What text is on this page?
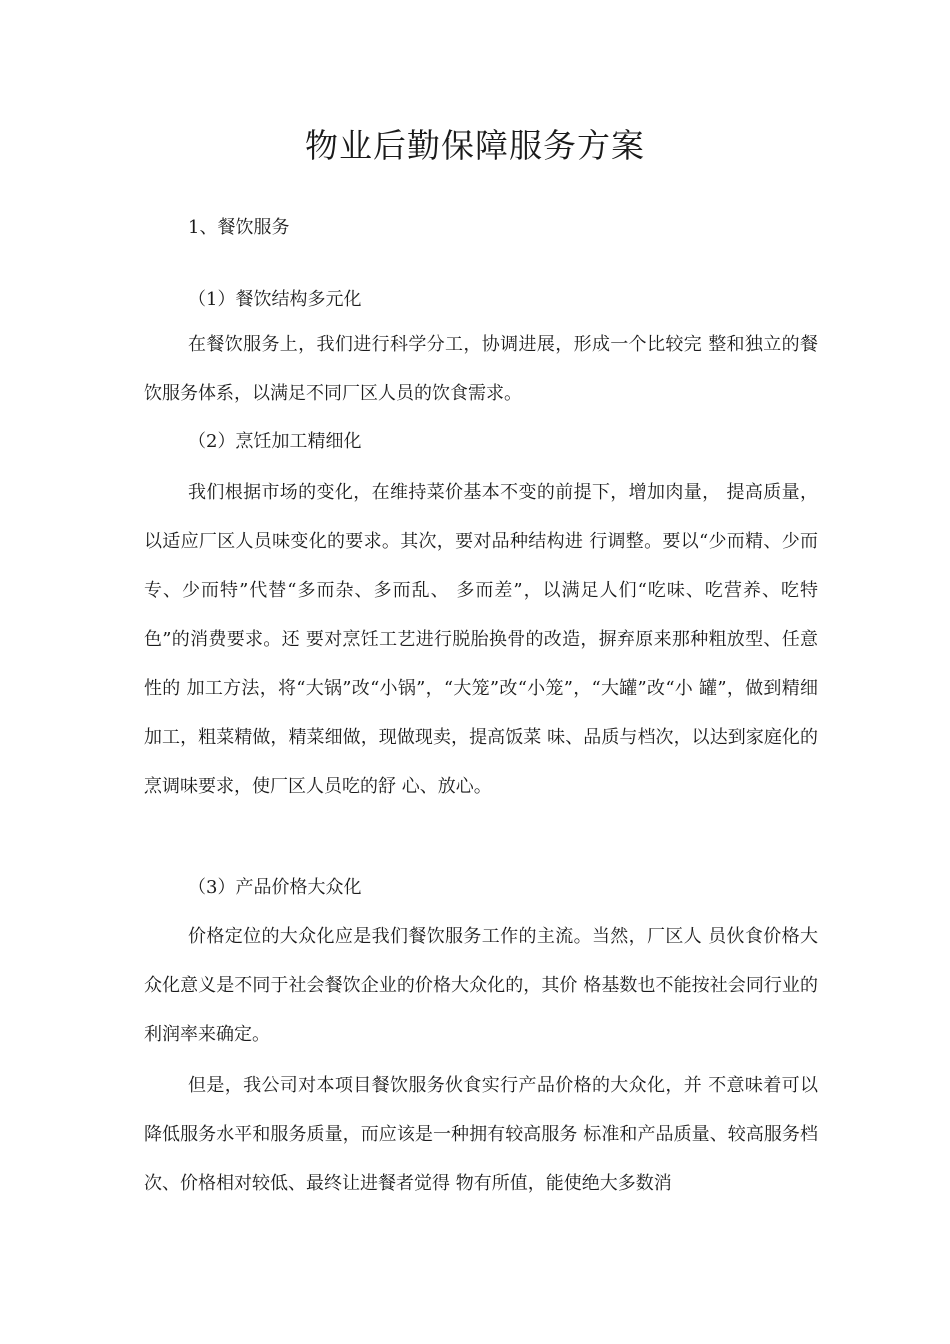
物业后勤保障服务方案

1、餐饮服务

（1）餐饮结构多元化

在餐饮服务上，我们进行科学分工，协调进展，形成一个比较完 整和独立的餐饮服务体系，以满足不同厂区人员的饮食需求。

（2）烹饪加工精细化

我们根据市场的变化，在维持菜价基本不变的前提下，增加肉量， 提高质量，以适应厂区人员味变化的要求。其次，要对品种结构进 行调整。要以“少而精、少而专、少而特”代替“多而杂、多而乱、 多而差”，以满足人们“吃味、吃营养、吃特色”的消费要求。还 要对烹饪工艺进行脱胎换骨的改造，摒弃原来那种粗放型、任意性的 加工方法，将“大锅”改“小锅”，“大笼”改“小笼”，“大罐”改“小 罐”，做到精细加工，粗菜精做，精菜细做，现做现卖，提高饭菜 味、品质与档次，以达到家庭化的烹调味要求，使厂区人员吃的舒 心、放心。

（3）产品价格大众化

价格定位的大众化应是我们餐饮服务工作的主流。当然，厂区人 员伙食价格大众化意义是不同于社会餐饮企业的价格大众化的，其价 格基数也不能按社会同行业的利润率来确定。

但是，我公司对本项目餐饮服务伙食实行产品价格的大众化，并 不意味着可以降低服务水平和服务质量，而应该是一种拥有较高服务 标准和产品质量、较高服务档次、价格相对较低、最终让进餐者觉得 物有所值，能使绝大多数消
